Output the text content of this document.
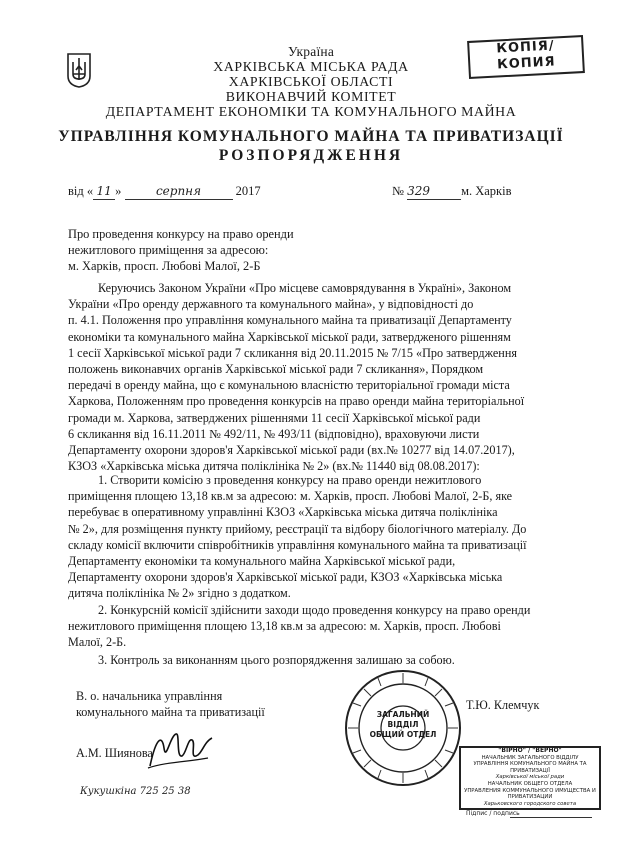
Україна
ХАРКІВСЬКА МІСЬКА РАДА
ХАРКІВСЬКОЇ ОБЛАСТІ
ВИКОНАВЧИЙ КОМІТЕТ
ДЕПАРТАМЕНТ ЕКОНОМІКИ ТА КОМУНАЛЬНОГО МАЙНА
УПРАВЛІННЯ КОМУНАЛЬНОГО МАЙНА ТА ПРИВАТИЗАЦІЇ
РОЗПОРЯДЖЕННЯ
КОПІЯ/
КОПИЯ
від « 11 »	серпня	2017	№ 329 м. Харків
Про проведення конкурсу на право оренди
нежитлового приміщення за адресою:
м. Харків, просп. Любові Малої, 2-Б
Керуючись Законом України «Про місцеве самоврядування в Україні», Законом
України «Про оренду державного та комунального майна», у відповідності до
п. 4.1. Положення про управління комунального майна та приватизації Департаменту
економіки та комунального майна Харківської міської ради, затвердженого рішенням
1 сесії Харківської міської ради 7 скликання від 20.11.2015 № 7/15 «Про затвердження
положень виконавчих органів Харківської міської ради 7 скликання», Порядком
передачі в оренду майна, що є комунальною власністю територіальної громади міста
Харкова, Положенням про проведення конкурсів на право оренди майна територіальної
громади м. Харкова, затверджених рішеннями 11 сесії Харківської міської ради
6 скликання від 16.11.2011 № 492/11, № 493/11 (відповідно), враховуючи листи
Департаменту охорони здоров'я Харківської міської ради (вх.№ 10277 від 14.07.2017),
КЗОЗ «Харківська міська дитяча поліклініка № 2» (вх.№ 11440 від 08.08.2017):
1. Створити комісію з проведення конкурсу на право оренди нежитлового
приміщення площею 13,18 кв.м за адресою: м. Харків, просп. Любові Малої, 2-Б, яке
перебуває в оперативному управлінні КЗОЗ «Харківська міська дитяча поліклініка
№ 2», для розміщення пункту прийому, реєстрації та відбору біологічного матеріалу. До
складу комісії включити співробітників управління комунального майна та приватизації
Департаменту економіки та комунального майна Харківської міської ради,
Департаменту охорони здоров'я Харківської міської ради, КЗОЗ «Харківська міська
дитяча поліклініка № 2» згідно з додатком.
2. Конкурсній комісії здійснити заходи щодо проведення конкурсу на право оренди
нежитлового приміщення площею 13,18 кв.м за адресою: м. Харків, просп. Любові
Малої, 2-Б.
3. Контроль за виконанням цього розпорядження залишаю за собою.
В. о. начальника управління
комунального майна та приватизації
Т.Ю. Клемчук
А.М. Шиянова
Кукушкіна 725 25 38
ЗАГАЛЬНИЙ
ВІДДІЛ
ОБЩИЙ ОТДЕЛ
"ВІРНО" / "ВЕРНО"
НАЧАЛЬНИК ЗАГАЛЬНОГО ВІДДІЛУ
УПРАВЛІННЯ КОМУНАЛЬНОГО МАЙНА ТА ПРИВАТИЗАЦІЇ
Харківської міської ради
НАЧАЛЬНИК ОБЩЕГО ОТДЕЛА
УПРАВЛЕНИЯ КОММУНАЛЬНОГО ИМУЩЕСТВА И ПРИВАТИЗАЦИИ
Харьковского городского совета
Підпис / подпись
